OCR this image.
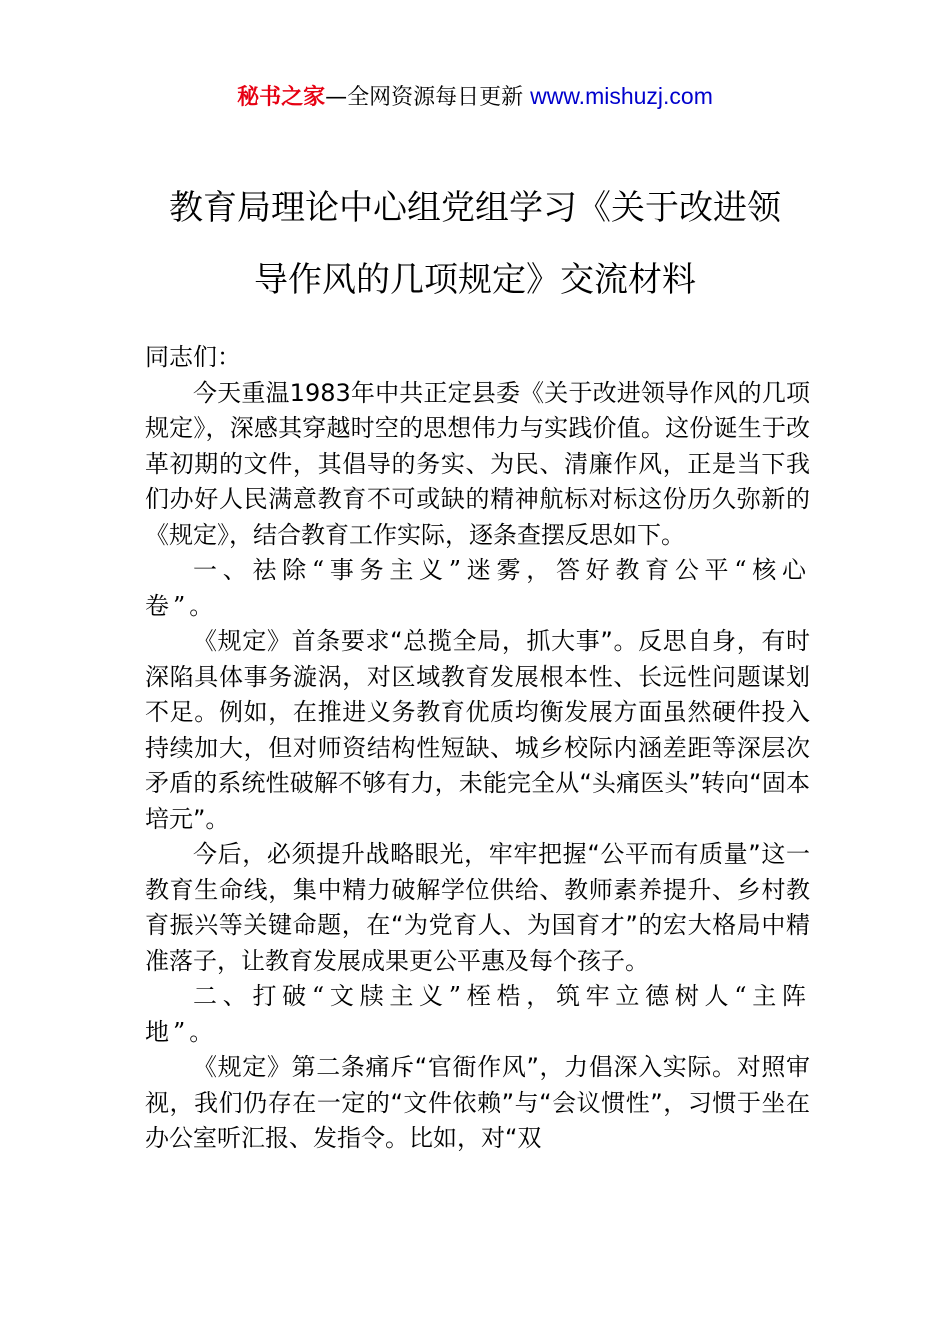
秘书之家—全网资源每日更新 www.mishuzj.com
教育局理论中心组党组学习《关于改进领
导作风的几项规定》交流材料

同志们：

今天重温1983年中共正定县委《关于改进领导作风的几项规定》，深感其穿越时空的思想伟力与实践价值。这份诞生于改革初期的文件，其倡导的务实、为民、清廉作风，正是当下我们办好人民满意教育不可或缺的精神航标对标这份历久弥新的《规定》，结合教育工作实际，逐条查摆反思如下。

一、祛除“事务主义”迷雾，答好教育公平“核心卷”。

《规定》首条要求“总揽全局，抓大事”。反思自身，有时深陷具体事务漩涡，对区域教育发展根本性、长远性问题谋划不足。例如，在推进义务教育优质均衡发展方面虽然硬件投入持续加大，但对师资结构性短缺、城乡校际内涵差距等深层次矛盾的系统性破解不够有力，未能完全从“头痛医头”转向“固本培元”。

今后，必须提升战略眼光，牢牢把握“公平而有质量”这一教育生命线，集中精力破解学位供给、教师素养提升、乡村教育振兴等关键命题，在“为党育人、为国育才”的宏大格局中精准落子，让教育发展成果更公平惠及每个孩子。

二、打破“文牍主义”桎梏，筑牢立德树人“主阵地”。

《规定》第二条痛斥“官衙作风”，力倡深入实际。对照审视，我们仍存在一定的“文件依赖”与“会议惯性”，习惯于坐在办公室听汇报、发指令。比如，对“双
